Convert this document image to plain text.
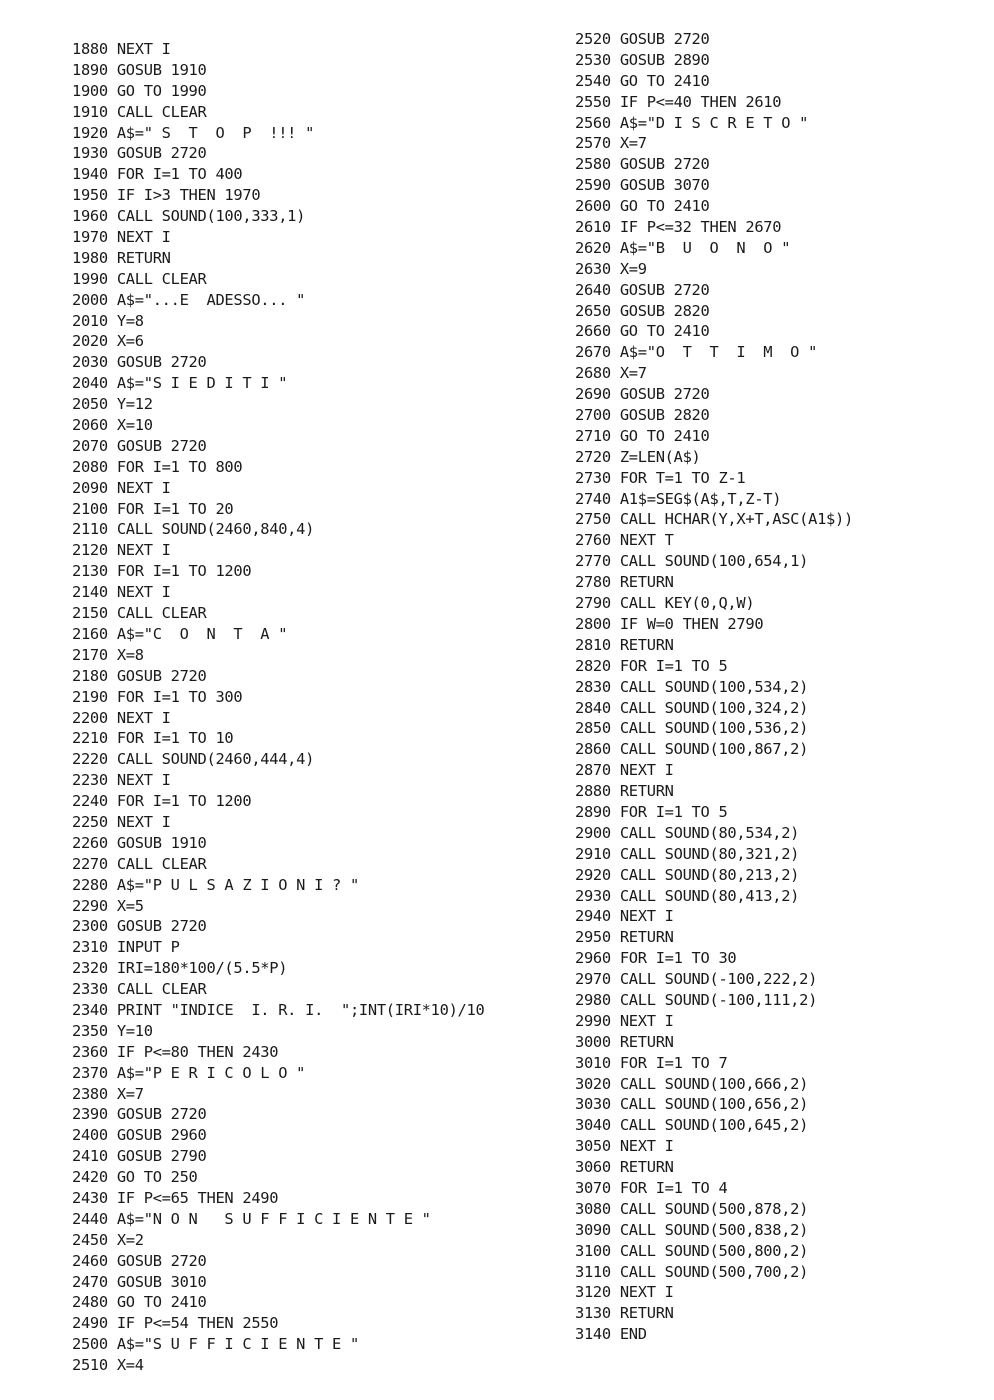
1880 NEXT I
1890 GOSUB 1910
1900 GO TO 1990
1910 CALL CLEAR
1920 A$=" S  T  O  P  !!! "
1930 GOSUB 2720
1940 FOR I=1 TO 400
1950 IF I>3 THEN 1970
1960 CALL SOUND(100,333,1)
1970 NEXT I
1980 RETURN
1990 CALL CLEAR
2000 A$="...E  ADESSO... "
2010 Y=8
2020 X=6
2030 GOSUB 2720
2040 A$="S I E D I T I "
2050 Y=12
2060 X=10
2070 GOSUB 2720
2080 FOR I=1 TO 800
2090 NEXT I
2100 FOR I=1 TO 20
2110 CALL SOUND(2460,840,4)
2120 NEXT I
2130 FOR I=1 TO 1200
2140 NEXT I
2150 CALL CLEAR
2160 A$="C  O  N  T  A "
2170 X=8
2180 GOSUB 2720
2190 FOR I=1 TO 300
2200 NEXT I
2210 FOR I=1 TO 10
2220 CALL SOUND(2460,444,4)
2230 NEXT I
2240 FOR I=1 TO 1200
2250 NEXT I
2260 GOSUB 1910
2270 CALL CLEAR
2280 A$="P U L S A Z I O N I ? "
2290 X=5
2300 GOSUB 2720
2310 INPUT P
2320 IRI=180*100/(5.5*P)
2330 CALL CLEAR
2340 PRINT "INDICE  I. R. I.  ";INT(IRI*10)/10
2350 Y=10
2360 IF P<=80 THEN 2430
2370 A$="P E R I C O L O "
2380 X=7
2390 GOSUB 2720
2400 GOSUB 2960
2410 GOSUB 2790
2420 GO TO 250
2430 IF P<=65 THEN 2490
2440 A$="N O N   S U F F I C I E N T E "
2450 X=2
2460 GOSUB 2720
2470 GOSUB 3010
2480 GO TO 2410
2490 IF P<=54 THEN 2550
2500 A$="S U F F I C I E N T E "
2510 X=4
2520 GOSUB 2720
2530 GOSUB 2890
2540 GO TO 2410
2550 IF P<=40 THEN 2610
2560 A$="D I S C R E T O "
2570 X=7
2580 GOSUB 2720
2590 GOSUB 3070
2600 GO TO 2410
2610 IF P<=32 THEN 2670
2620 A$="B  U  O  N  O "
2630 X=9
2640 GOSUB 2720
2650 GOSUB 2820
2660 GO TO 2410
2670 A$="O  T  T  I  M  O "
2680 X=7
2690 GOSUB 2720
2700 GOSUB 2820
2710 GO TO 2410
2720 Z=LEN(A$)
2730 FOR T=1 TO Z-1
2740 A1$=SEG$(A$,T,Z-T)
2750 CALL HCHAR(Y,X+T,ASC(A1$))
2760 NEXT T
2770 CALL SOUND(100,654,1)
2780 RETURN
2790 CALL KEY(0,Q,W)
2800 IF W=0 THEN 2790
2810 RETURN
2820 FOR I=1 TO 5
2830 CALL SOUND(100,534,2)
2840 CALL SOUND(100,324,2)
2850 CALL SOUND(100,536,2)
2860 CALL SOUND(100,867,2)
2870 NEXT I
2880 RETURN
2890 FOR I=1 TO 5
2900 CALL SOUND(80,534,2)
2910 CALL SOUND(80,321,2)
2920 CALL SOUND(80,213,2)
2930 CALL SOUND(80,413,2)
2940 NEXT I
2950 RETURN
2960 FOR I=1 TO 30
2970 CALL SOUND(-100,222,2)
2980 CALL SOUND(-100,111,2)
2990 NEXT I
3000 RETURN
3010 FOR I=1 TO 7
3020 CALL SOUND(100,666,2)
3030 CALL SOUND(100,656,2)
3040 CALL SOUND(100,645,2)
3050 NEXT I
3060 RETURN
3070 FOR I=1 TO 4
3080 CALL SOUND(500,878,2)
3090 CALL SOUND(500,838,2)
3100 CALL SOUND(500,800,2)
3110 CALL SOUND(500,700,2)
3120 NEXT I
3130 RETURN
3140 END
